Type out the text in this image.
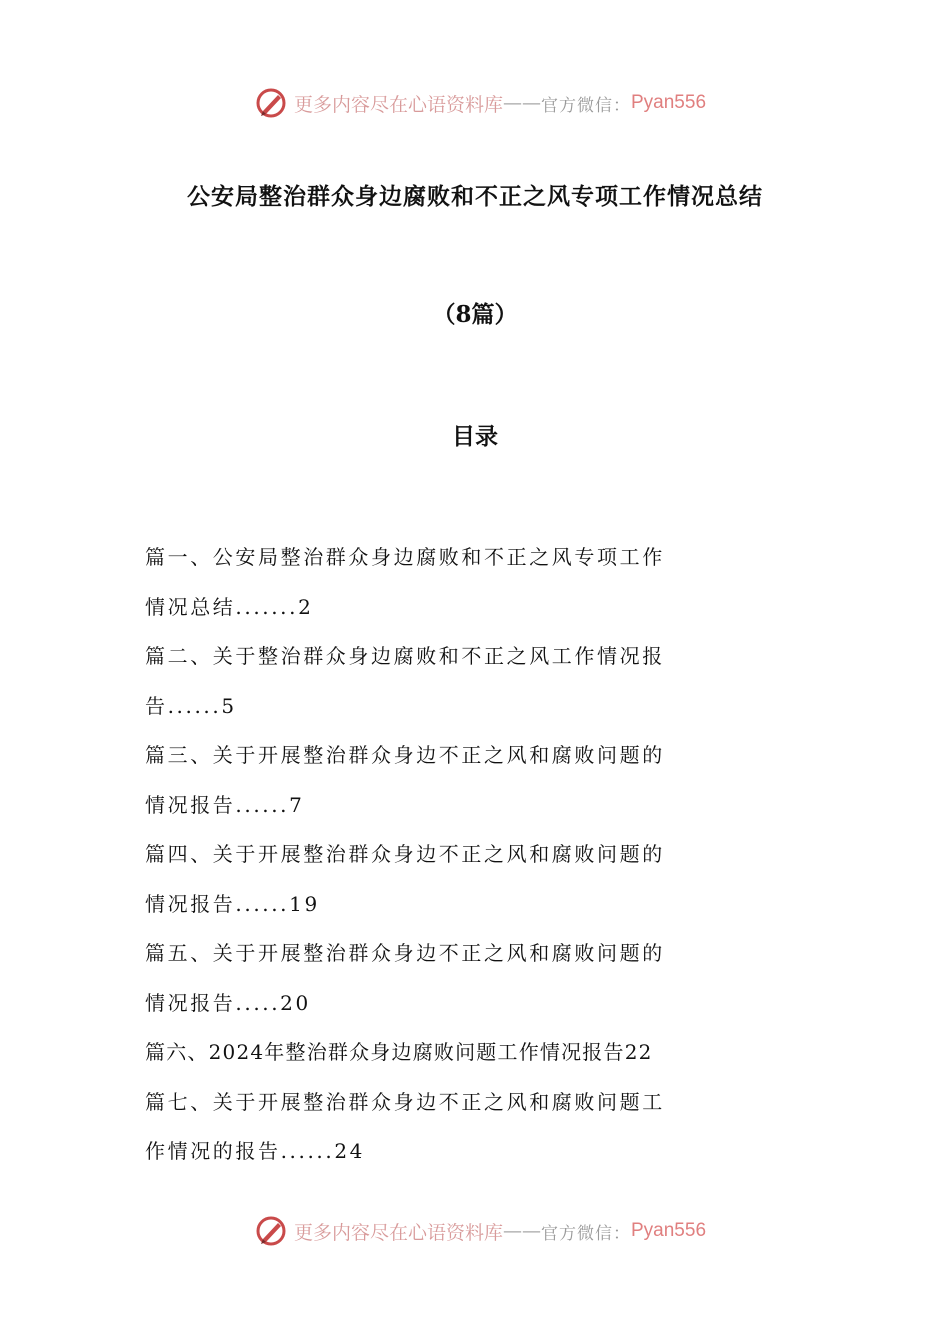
更多内容尽在心语资料库 —— 官方微信： Pyan556
公安局整治群众身边腐败和不正之风专项工作情况总结
（8篇）
目录
篇一、公安局整治群众身边腐败和不正之风专项工作
情况总结.......2
篇二、关于整治群众身边腐败和不正之风工作情况报
告......5
篇三、关于开展整治群众身边不正之风和腐败问题的
情况报告......7
篇四、关于开展整治群众身边不正之风和腐败问题的
情况报告......19
篇五、关于开展整治群众身边不正之风和腐败问题的
情况报告.....20
篇六、2024年整治群众身边腐败问题工作情况报告22
篇七、关于开展整治群众身边不正之风和腐败问题工
作情况的报告......24
更多内容尽在心语资料库 —— 官方微信： Pyan556
